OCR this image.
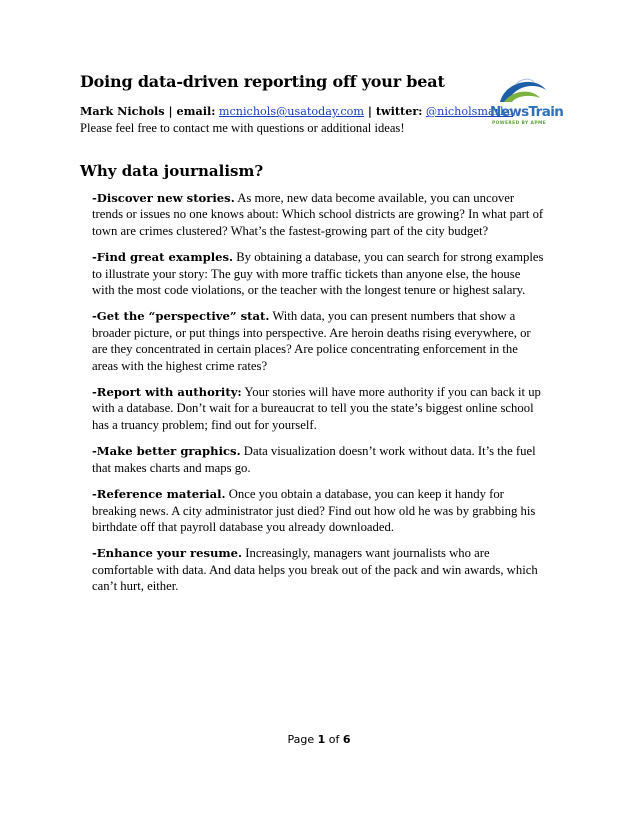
Doing data-driven reporting off your beat
Mark Nichols | email: mcnichols@usatoday.com | twitter: @nicholsmarkc
Please feel free to contact me with questions or additional ideas!
NewsTrain
POWERED BY APME
Why data journalism?

-Discover new stories. As more, new data become available, you can uncover trends or issues no one knows about: Which school districts are growing? In what part of town are crimes clustered? What’s the fastest-growing part of the city budget?

-Find great examples. By obtaining a database, you can search for strong examples to illustrate your story: The guy with more traffic tickets than anyone else, the house with the most code violations, or the teacher with the longest tenure or highest salary.

-Get the “perspective” stat. With data, you can present numbers that show a broader picture, or put things into perspective. Are heroin deaths rising everywhere, or are they concentrated in certain places? Are police concentrating enforcement in the areas with the highest crime rates?

-Report with authority: Your stories will have more authority if you can back it up with a database. Don’t wait for a bureaucrat to tell you the state’s biggest online school has a truancy problem; find out for yourself.

-Make better graphics. Data visualization doesn’t work without data. It’s the fuel that makes charts and maps go.

-Reference material. Once you obtain a database, you can keep it handy for breaking news. A city administrator just died? Find out how old he was by grabbing his birthdate off that payroll database you already downloaded.

-Enhance your resume. Increasingly, managers want journalists who are comfortable with data. And data helps you break out of the pack and win awards, which can’t hurt, either.

Page 1 of 6
